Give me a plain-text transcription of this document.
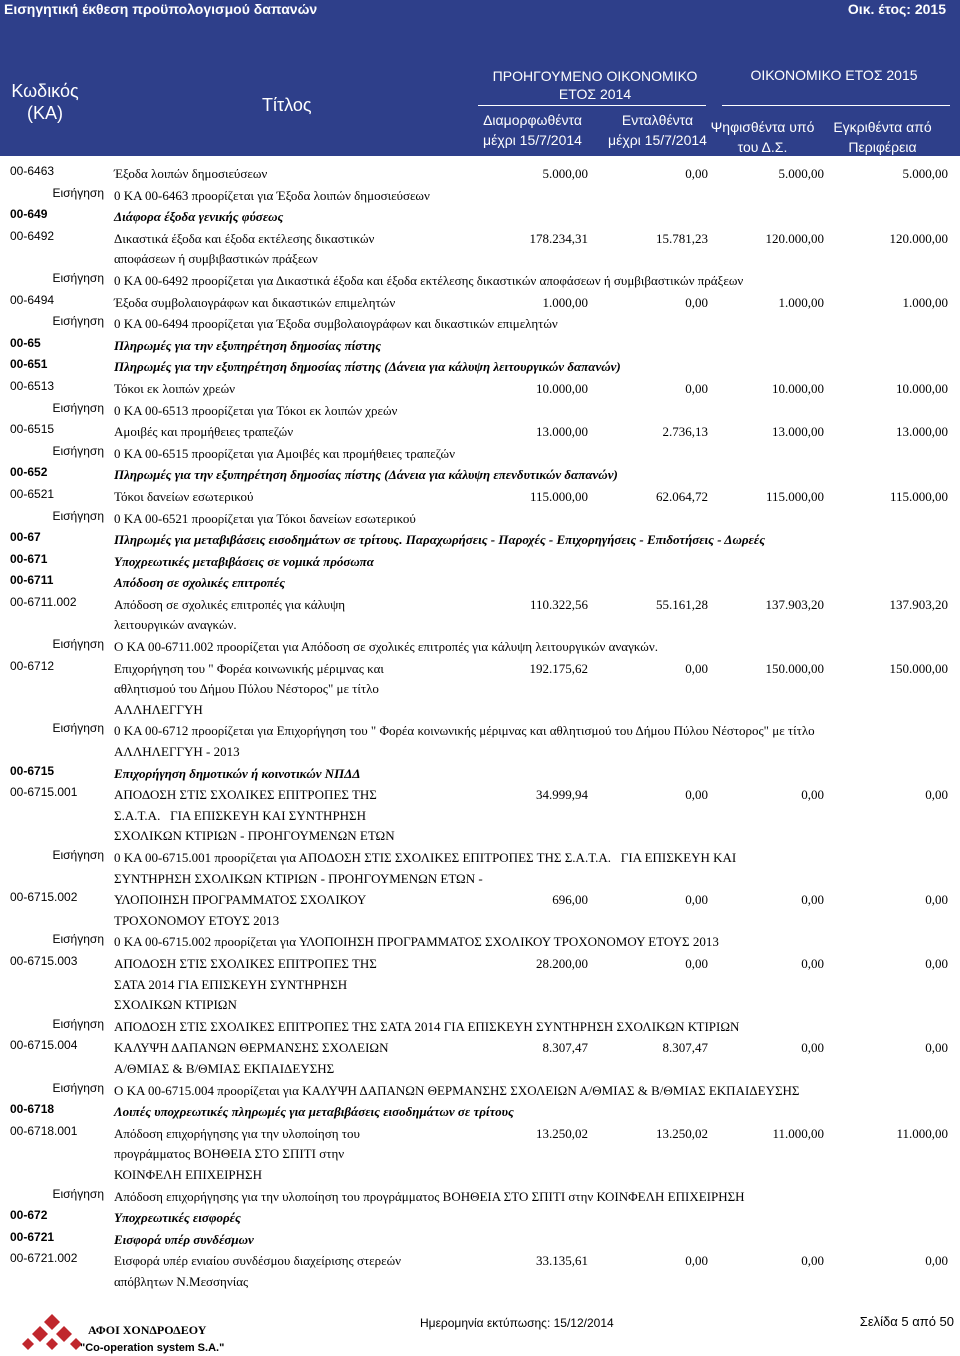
Εισηγητική έκθεση προϋπολογισμού δαπανών	Οικ. έτος: 2015
Κωδικός
(ΚΑ)	Τίτλος
ΠΡΟΗΓΟΥΜΕΝΟ ΟΙΚΟΝΟΜΙΚΟ
ΕΤΟΣ 2014
Διαμορφωθέντα
μέχρι 15/7/2014
Ενταλθέντα
μέχρι 15/7/2014
ΟΙΚΟΝΟΜΙΚΟ ΕΤΟΣ 2015
Ψηφισθέντα υπό
του Δ.Σ.
Εγκριθέντα από
Περιφέρεια
00-6463	Έξοδα λοιπών δημοσιεύσεων	5.000,00	0,00	5.000,00	5.000,00
Εισήγηση 0 ΚΑ 00-6463 προορίζεται για Έξοδα λοιπών δημοσιεύσεων
00-649	Διάφορα έξοδα γενικής φύσεως
00-6492	Δικαστικά έξοδα και έξοδα εκτέλεσης δικαστικών
αποφάσεων ή συμβιβαστικών πράξεων
178.234,31	15.781,23	120.000,00	120.000,00
Εισήγηση 0 ΚΑ 00-6492 προορίζεται για Δικαστικά έξοδα και έξοδα εκτέλεσης δικαστικών αποφάσεων ή συμβιβαστικών πράξεων
00-6494	Έξοδα συμβολαιογράφων και δικαστικών επιμελητών	1.000,00	0,00	1.000,00	1.000,00
Εισήγηση 0 ΚΑ 00-6494 προορίζεται για Έξοδα συμβολαιογράφων και δικαστικών επιμελητών
00-65	Πληρωμές για την εξυπηρέτηση δημοσίας πίστης
00-651	Πληρωμές για την εξυπηρέτηση δημοσίας πίστης (Δάνεια για κάλυψη λειτουργικών δαπανών)
00-6513	Τόκοι εκ λοιπών χρεών	10.000,00	0,00	10.000,00	10.000,00
Εισήγηση 0 ΚΑ 00-6513 προορίζεται για Τόκοι εκ λοιπών χρεών
00-6515	Αμοιβές και προμήθειες τραπεζών	13.000,00	2.736,13	13.000,00	13.000,00
Εισήγηση 0 ΚΑ 00-6515 προορίζεται για Αμοιβές και προμήθειες τραπεζών
00-652	Πληρωμές για την εξυπηρέτηση δημοσίας πίστης (Δάνεια για κάλυψη επενδυτικών δαπανών)
00-6521	Τόκοι δανείων εσωτερικού	115.000,00	62.064,72	115.000,00	115.000,00
Εισήγηση 0 ΚΑ 00-6521 προορίζεται για Τόκοι δανείων εσωτερικού
00-67	Πληρωμές για μεταβιβάσεις εισοδημάτων σε τρίτους. Παραχωρήσεις - Παροχές - Επιχορηγήσεις - Επιδοτήσεις - Δωρεές
00-671	Υποχρεωτικές μεταβιβάσεις σε νομικά πρόσωπα
00-6711	Απόδοση σε σχολικές επιτροπές
00-6711.002	Απόδοση σε σχολικές επιτροπές για κάλυψη
λειτουργικών αναγκών.
110.322,56	55.161,28	137.903,20	137.903,20
Εισήγηση Ο ΚΑ 00-6711.002 προορίζεται για Απόδοση σε σχολικές επιτροπές για κάλυψη λειτουργικών αναγκών.
00-6712	Επιχορήγηση του " Φορέα κοινωνικής μέριμνας και
αθλητισμού του Δήμου Πύλου Νέστορος" με τίτλο
ΑΛΛΗΛΕΓΓΥΗ
192.175,62	0,00	150.000,00	150.000,00
Εισήγηση 0 ΚΑ 00-6712 προορίζεται για Επιχορήγηση του " Φορέα κοινωνικής μέριμνας και αθλητισμού του Δήμου Πύλου Νέστορος" με τίτλο
ΑΛΛΗΛΕΓΓΥΗ - 2013
00-6715	Επιχορήγηση δημοτικών ή κοινοτικών ΝΠΔΔ
00-6715.001	ΑΠΟΔΟΣΗ ΣΤΙΣ ΣΧΟΛΙΚΕΣ ΕΠΙΤΡΟΠΕΣ ΤΗΣ
Σ.Α.Τ.Α.   ΓΙΑ ΕΠΙΣΚΕΥΗ ΚΑΙ ΣΥΝΤΗΡΗΣΗ
ΣΧΟΛΙΚΩΝ ΚΤΙΡΙΩΝ - ΠΡΟΗΓΟΥΜΕΝΩΝ ΕΤΩΝ
34.999,94	0,00	0,00	0,00
Εισήγηση 0 ΚΑ 00-6715.001 προορίζεται για ΑΠΟΔΟΣΗ ΣΤΙΣ ΣΧΟΛΙΚΕΣ ΕΠΙΤΡΟΠΕΣ ΤΗΣ Σ.Α.Τ.Α.   ΓΙΑ ΕΠΙΣΚΕΥΗ ΚΑΙ
ΣΥΝΤΗΡΗΣΗ ΣΧΟΛΙΚΩΝ ΚΤΙΡΙΩΝ - ΠΡΟΗΓΟΥΜΕΝΩΝ ΕΤΩΝ -
00-6715.002	ΥΛΟΠΟΙΗΣΗ ΠΡΟΓΡΑΜΜΑΤΟΣ ΣΧΟΛΙΚΟΥ
ΤΡΟΧΟΝΟΜΟΥ ΕΤΟΥΣ 2013
696,00	0,00	0,00	0,00
Εισήγηση 0 ΚΑ 00-6715.002 προορίζεται για ΥΛΟΠΟΙΗΣΗ ΠΡΟΓΡΑΜΜΑΤΟΣ ΣΧΟΛΙΚΟΥ ΤΡΟΧΟΝΟΜΟΥ ΕΤΟΥΣ 2013
00-6715.003	ΑΠΟΔΟΣΗ ΣΤΙΣ ΣΧΟΛΙΚΕΣ ΕΠΙΤΡΟΠΕΣ ΤΗΣ
ΣΑΤΑ 2014 ΓΙΑ ΕΠΙΣΚΕΥΗ ΣΥΝΤΗΡΗΣΗ
ΣΧΟΛΙΚΩΝ ΚΤΙΡΙΩΝ
28.200,00	0,00	0,00	0,00
Εισήγηση ΑΠΟΔΟΣΗ ΣΤΙΣ ΣΧΟΛΙΚΕΣ ΕΠΙΤΡΟΠΕΣ ΤΗΣ ΣΑΤΑ 2014 ΓΙΑ ΕΠΙΣΚΕΥΗ ΣΥΝΤΗΡΗΣΗ ΣΧΟΛΙΚΩΝ ΚΤΙΡΙΩΝ
00-6715.004	ΚΑΛΥΨΗ ΔΑΠΑΝΩΝ ΘΕΡΜΑΝΣΗΣ ΣΧΟΛΕΙΩΝ
Α/ΘΜΙΑΣ & Β/ΘΜΙΑΣ ΕΚΠΑΙΔΕΥΣΗΣ
8.307,47	8.307,47	0,00	0,00
Εισήγηση Ο ΚΑ 00-6715.004 προορίζεται για ΚΑΛΥΨΗ ΔΑΠΑΝΩΝ ΘΕΡΜΑΝΣΗΣ ΣΧΟΛΕΙΩΝ Α/ΘΜΙΑΣ & Β/ΘΜΙΑΣ ΕΚΠΑΙΔΕΥΣΗΣ
00-6718	Λοιπές υποχρεωτικές πληρωμές για μεταβιβάσεις εισοδημάτων σε τρίτους
00-6718.001	Απόδοση επιχορήγησης για την υλοποίηση του
προγράμματος ΒΟΗΘΕΙΑ ΣΤΟ ΣΠΙΤΙ στην
ΚΟΙΝΦΕΛΗ ΕΠΙΧΕΙΡΗΣΗ
13.250,02	13.250,02	11.000,00	11.000,00
Εισήγηση Απόδοση επιχορήγησης για την υλοποίηση του προγράμματος ΒΟΗΘΕΙΑ ΣΤΟ ΣΠΙΤΙ στην ΚΟΙΝΦΕΛΗ ΕΠΙΧΕΙΡΗΣΗ
00-672	Υποχρεωτικές εισφορές
00-6721	Εισφορά υπέρ συνδέσμων
00-6721.002	Εισφορά υπέρ ενιαίου συνδέσμου διαχείρισης στερεών
απόβλητων Ν.Μεσσηνίας
33.135,61	0,00	0,00	0,00
ΑΦΟΙ ΧΟΝΔΡΟΔΕΟΥ
"Co-operation system S.A."
Ημερομηνία εκτύπωσης: 15/12/2014	Σελίδα 5 από 50
